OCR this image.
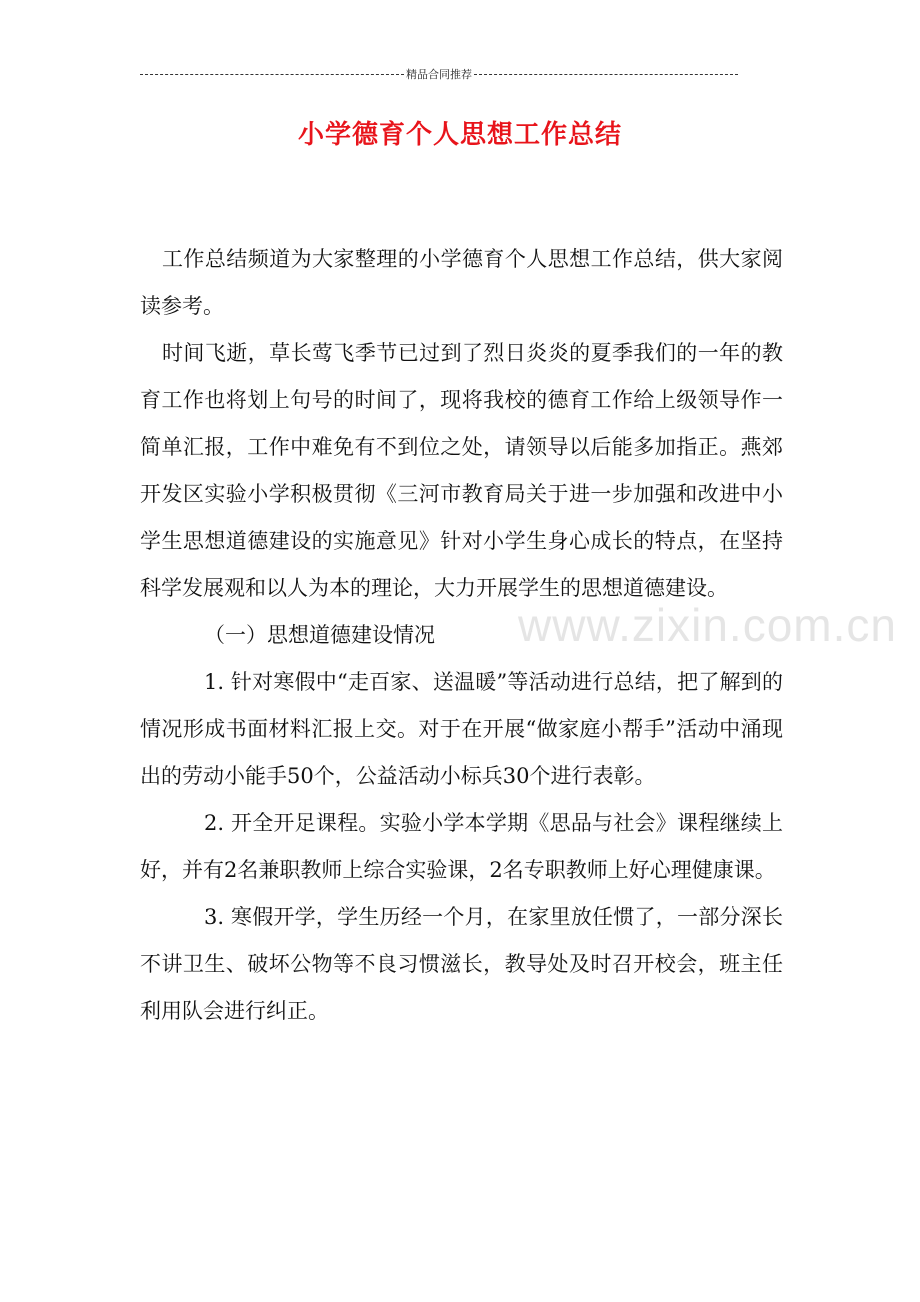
精品合同推荐
小学德育个人思想工作总结

工作总结频道为大家整理的小学德育个人思想工作总结，供大家阅读参考。

时间飞逝，草长莺飞季节已过到了烈日炎炎的夏季我们的一年的教育工作也将划上句号的时间了，现将我校的德育工作给上级领导作一简单汇报，工作中难免有不到位之处，请领导以后能多加指正。燕郊开发区实验小学积极贯彻《三河市教育局关于进一步加强和改进中小学生思想道德建设的实施意见》针对小学生身心成长的特点，在坚持科学发展观和以人为本的理论，大力开展学生的思想道德建设。

（一）思想道德建设情况

1. 针对寒假中“走百家、送温暖”等活动进行总结，把了解到的情况形成书面材料汇报上交。对于在开展“做家庭小帮手”活动中涌现出的劳动小能手50个，公益活动小标兵30个进行表彰。

2. 开全开足课程。实验小学本学期《思品与社会》课程继续上好，并有2名兼职教师上综合实验课，2名专职教师上好心理健康课。

3. 寒假开学，学生历经一个月，在家里放任惯了，一部分深长不讲卫生、破坏公物等不良习惯滋长，教导处及时召开校会，班主任利用队会进行纠正。

www.zixin.com.cn
